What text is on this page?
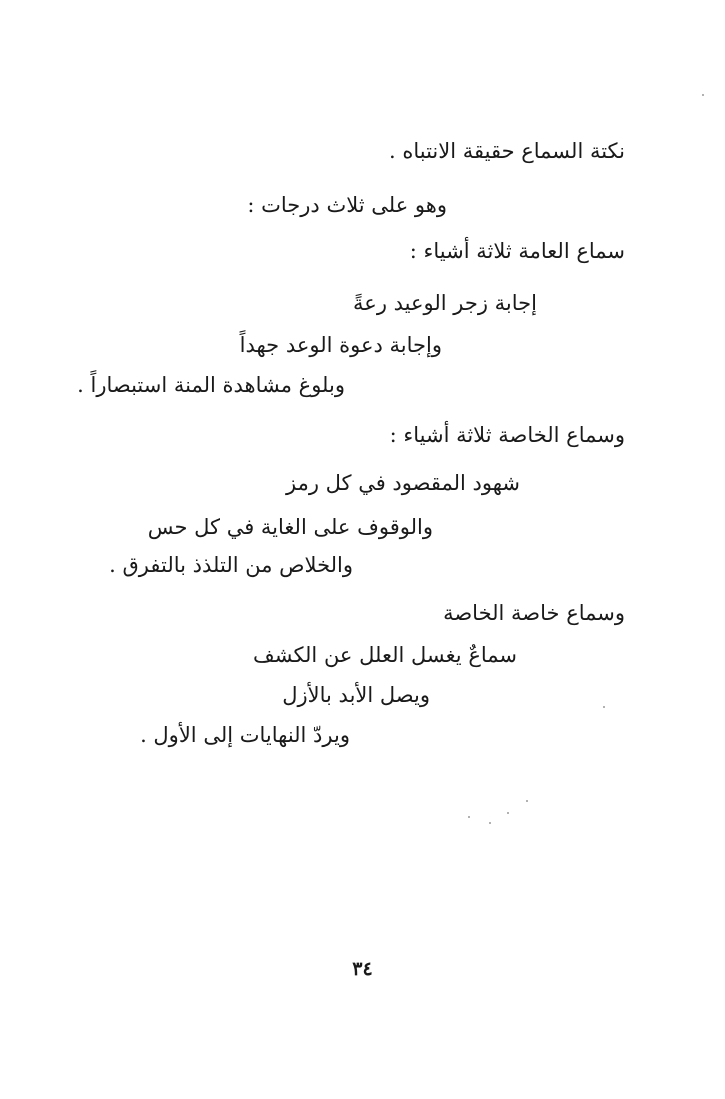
نكتة السماع حقيقة الانتباه .
وهو على ثلاث درجات :
سماع العامة ثلاثة أشياء :
إجابة زجر الوعيد رعةً
وإجابة دعوة الوعد جهداً
وبلوغ مشاهدة المنة استبصاراً .
وسماع الخاصة ثلاثة أشياء :
شهود المقصود في كل رمز
والوقوف على الغاية في كل حس
والخلاص من التلذذ بالتفرق .
وسماع خاصة الخاصة
سماعٌ يغسل العلل عن الكشف
ويصل الأبد بالأزل
ويردّ النهايات إلى الأول .
٣٤
